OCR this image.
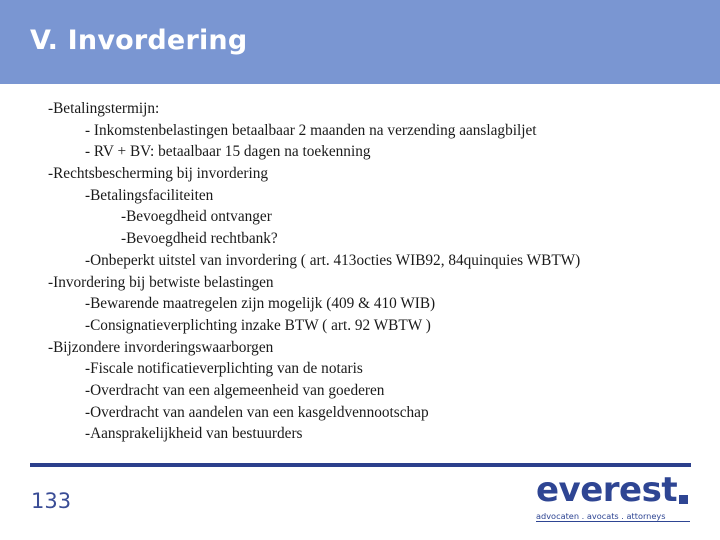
V. Invordering
-Betalingstermijn:
- Inkomstenbelastingen betaalbaar 2 maanden na verzending aanslagbiljet
- RV + BV: betaalbaar 15 dagen na toekenning
-Rechtsbescherming bij invordering
-Betalingsfaciliteiten
-Bevoegdheid ontvanger
-Bevoegdheid rechtbank?
-Onbeperkt uitstel van invordering ( art. 413octies WIB92, 84quinquies WBTW)
-Invordering bij betwiste belastingen
-Bewarende maatregelen zijn mogelijk (409 & 410 WIB)
-Consignatieverplichting inzake BTW ( art. 92 WBTW )
-Bijzondere invorderingswaarborgen
-Fiscale notificatieverplichting van de notaris
-Overdracht van een algemeenheid van goederen
-Overdracht van aandelen van een kasgeldvennootschap
-Aansprakelijkheid van bestuurders
133	everest
advocaten . avocats . attorneys
